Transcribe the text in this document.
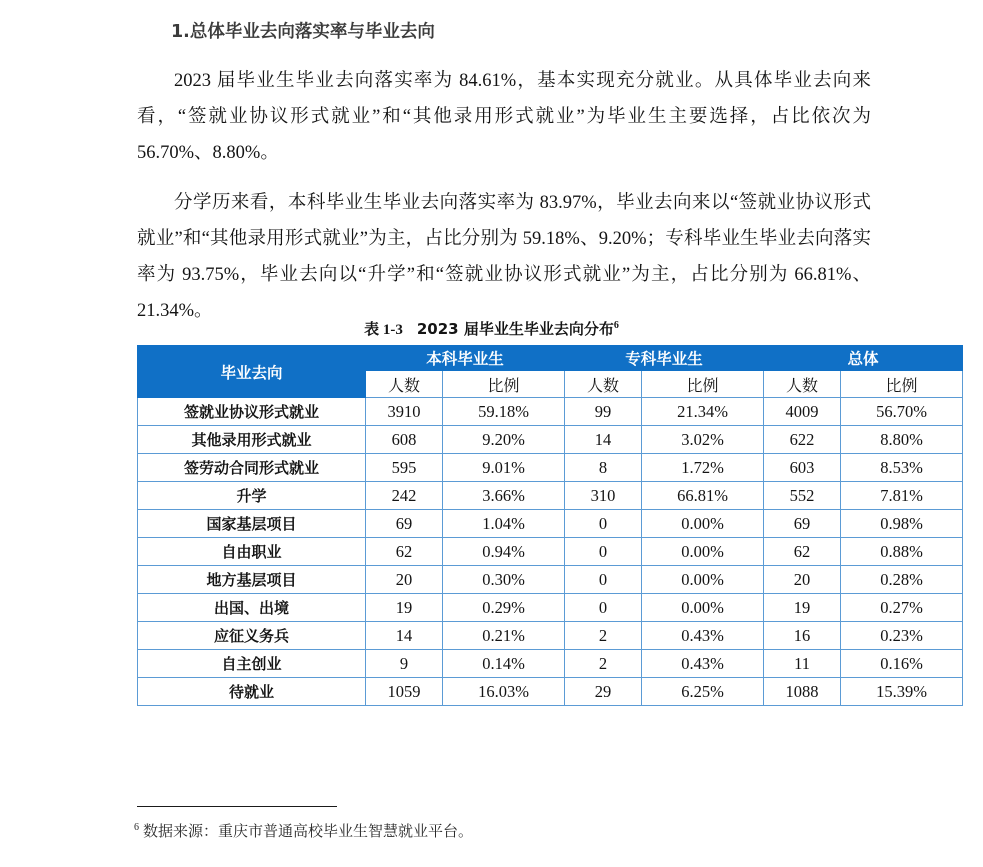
1.总体毕业去向落实率与毕业去向

2023 届毕业生毕业去向落实率为 84.61%，基本实现充分就业。从具体毕业去向来看，“签就业协议形式就业”和“其他录用形式就业”为毕业生主要选择，占比依次为 56.70%、8.80%。

分学历来看，本科毕业生毕业去向落实率为 83.97%，毕业去向来以“签就业协议形式就业”和“其他录用形式就业”为主，占比分别为 59.18%、9.20%；专科毕业生毕业去向落实率为 93.75%，毕业去向以“升学”和“签就业协议形式就业”为主，占比分别为 66.81%、21.34%。

表 1-3 2023 届毕业生毕业去向分布$^6$
毕业去向	本科毕业生		专科毕业生		总体	
	人数	比例	人数	比例	人数	比例
签就业协议形式就业	3910	59.18%	99	21.34%	4009	56.70%
其他录用形式就业	608	9.20%	14	3.02%	622	8.80%
签劳动合同形式就业	595	9.01%	8	1.72%	603	8.53%
升学	242	3.66%	310	66.81%	552	7.81%
国家基层项目	69	1.04%	0	0.00%	69	0.98%
自由职业	62	0.94%	0	0.00%	62	0.88%
地方基层项目	20	0.30%	0	0.00%	20	0.28%
出国、出境	19	0.29%	0	0.00%	19	0.27%
应征义务兵	14	0.21%	2	0.43%	16	0.23%
自主创业	9	0.14%	2	0.43%	11	0.16%
待就业	1059	16.03%	29	6.25%	1088	15.39%
$^6$ 数据来源：重庆市普通高校毕业生智慧就业平台。
